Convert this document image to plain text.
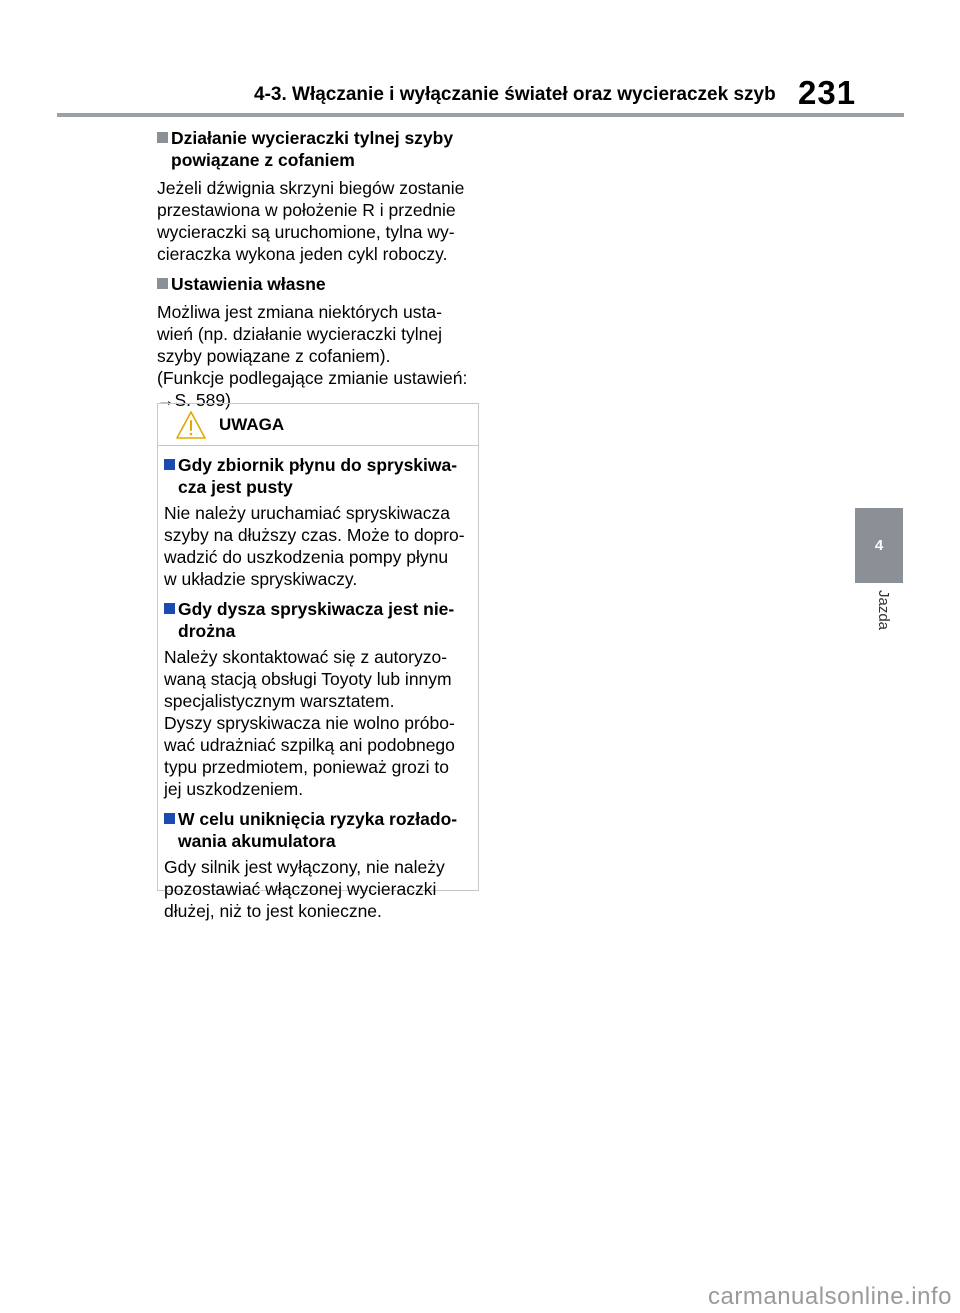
4-3. Włączanie i wyłączanie świateł oraz wycieraczek szyb 231
4
Jazda
Działanie wycieraczki tylnej szyby
powiązane z cofaniem
Jeżeli dźwignia skrzyni biegów zostanie
przestawiona w położenie R i przednie
wycieraczki są uruchomione, tylna wy-
cieraczka wykona jeden cykl roboczy.
Ustawienia własne
Możliwa jest zmiana niektórych usta-
wień (np. działanie wycieraczki tylnej
szyby powiązane z cofaniem).
(Funkcje podlegające zmianie ustawień:
→S. 589)
UWAGA
Gdy zbiornik płynu do spryskiwa-
cza jest pusty
Nie należy uruchamiać spryskiwacza
szyby na dłuższy czas. Może to dopro-
wadzić do uszkodzenia pompy płynu
w układzie spryskiwaczy.
Gdy dysza spryskiwacza jest nie-
drożna
Należy skontaktować się z autoryzo-
waną stacją obsługi Toyoty lub innym
specjalistycznym warsztatem.
Dyszy spryskiwacza nie wolno próbo-
wać udrażniać szpilką ani podobnego
typu przedmiotem, ponieważ grozi to
jej uszkodzeniem.
W celu uniknięcia ryzyka rozłado-
wania akumulatora
Gdy silnik jest wyłączony, nie należy
pozostawiać włączonej wycieraczki
dłużej, niż to jest konieczne.
carmanualsonline.info
